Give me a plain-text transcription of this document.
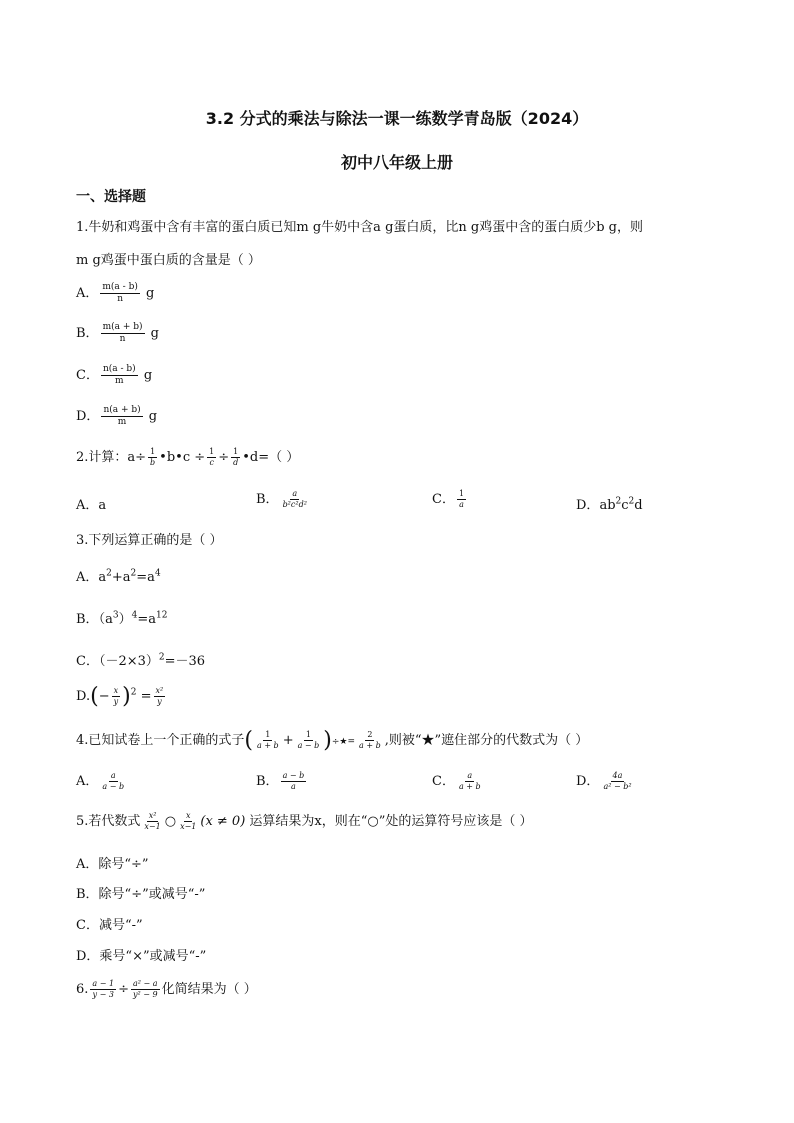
3.2 分式的乘法与除法一课一练数学青岛版（2024）
初中八年级上册
一、选择题
1.牛奶和鸡蛋中含有丰富的蛋白质已知m g牛奶中含a g蛋白质，比n g鸡蛋中含的蛋白质少b g，则
m g鸡蛋中蛋白质的含量是（ ）
A． $\frac{m(a - b)}{n}$ g
B． $\frac{m(a + b)}{n}$ g
C． $\frac{n(a - b)}{m}$ g
D． $\frac{n(a + b)}{m}$ g
2.计算：$a\div \frac{1}{b}$ •b•c ÷ $\frac{1}{c} \div \frac{1}{d}$ •d=（ ）
A．a	B． $\frac{a}{\text{b²c²d²}}$	C． $\frac{1}{a}$	D．$ab^2c^2d$
3.下列运算正确的是（ ）
A．$a^2+a^2=a^4$
B．$(a^3)^4=a^{12}$
C．$(-2\times 3)^2=-36$
$D.(- \frac{x}{y} )^2 = \frac{\text{x²}}{y}$
4.已知试卷上一个正确的式子( $\frac{1}{a + b} + \frac{1}{a - b}$ )÷★= $\frac{2}{a + b}$ ,则被“★”遮住部分的代数式为（ ）
A． $\frac{a}{a - b}$	B． $\frac{a - b}{a}$	C． $\frac{a}{a + b}$	D． $\frac{4a}{\text{a² − b²}}$
5.若代数式 $\frac{\text{x²}}{x-1}$ ○ $\frac{x}{x-1} (x \ne 0)$ 运算结果为x，则在“○”处的运算符号应该是（ ）
A．除号“÷”
B．除号“÷”或减号“-”
C．减号“-”
D．乘号“×”或减号“-”
6. $\frac{a - 1}{y - 3} \div \frac{\text{a² − a}}{\text{y² − 9}}$ 化简结果为（ ）
